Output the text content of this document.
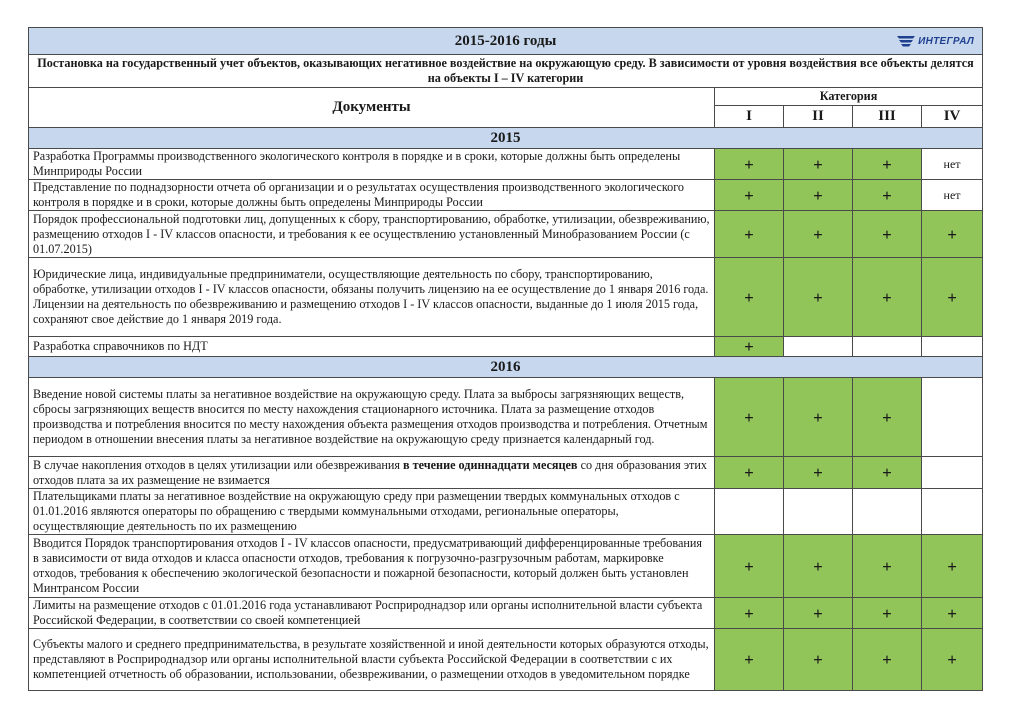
2015-2016 годы ИНТЕГРАЛ				

Постановка на государственный учет объектов, оказывающих негативное воздействие на окружающую среду. В зависимости от уровня воздействия все объекты делятся на объекты I – IV категории				
Документы	Категория			
	I	II	III	IV
2015				

Разработка Программы производственного экологического контроля в порядке и в сроки, которые должны быть определены Минприроды России	+	+	+	нет

Представление по поднадзорности отчета об организации и о результатах осуществления производственного экологического контроля в порядке и в сроки, которые должны быть определены Минприроды России	+	+	+	нет

Порядок профессиональной подготовки лиц, допущенных к сбору, транспортированию, обработке, утилизации, обезвреживанию, размещению отходов I - IV классов опасности, и требования к ее осуществлению установленный Минобразованием России (с 01.07.2015)	+	+	+	+

Юридические лица, индивидуальные предприниматели, осуществляющие деятельность по сбору, транспортированию, обработке, утилизации отходов I - IV классов опасности, обязаны получить лицензию на ее осуществление до 1 января 2016 года.
Лицензии на деятельность по обезвреживанию и размещению отходов I - IV классов опасности, выданные до 1 июля 2015 года, сохраняют свое действие до 1 января 2019 года.	+	+	+	+

Разработка справочников по НДТ	+			
2016				

Введение новой системы платы за негативное воздействие на окружающую среду. Плата за выбросы загрязняющих веществ, сбросы загрязняющих веществ вносится по месту нахождения стационарного источника. Плата за размещение отходов производства и потребления вносится по месту нахождения объекта размещения отходов производства и потребления. Отчетным периодом в отношении внесения платы за негативное воздействие на окружающую среду признается календарный год.	+	+	+	
В случае накопления отходов в целях утилизации или обезвреживания в течение одиннадцати месяцев со дня образования этих отходов плата за их размещение не взимается	+	+	+	

Плательщиками платы за негативное воздействие на окружающую среду при размещении твердых коммунальных отходов с 01.01.2016 являются операторы по обращению с твердыми коммунальными отходами, региональные операторы, осуществляющие деятельность по их размещению				

Вводится Порядок транспортирования отходов I - IV классов опасности, предусматривающий дифференцированные требования в зависимости от вида отходов и класса опасности отходов, требования к погрузочно-разгрузочным работам, маркировке отходов, требования к обеспечению экологической безопасности и пожарной безопасности, который должен быть установлен Минтрансом России	+	+	+	+

Лимиты на размещение отходов с 01.01.2016 года устанавливают Росприроднадзор или органы исполнительной власти субъекта Российской Федерации, в соответствии со своей компетенцией	+	+	+	+

Субъекты малого и среднего предпринимательства, в результате хозяйственной и иной деятельности которых образуются отходы, представляют в Росприроднадзор или органы исполнительной власти субъекта Российской Федерации в соответствии с их компетенцией отчетность об образовании, использовании, обезвреживании, о размещении отходов в уведомительном порядке	+	+	+	+
